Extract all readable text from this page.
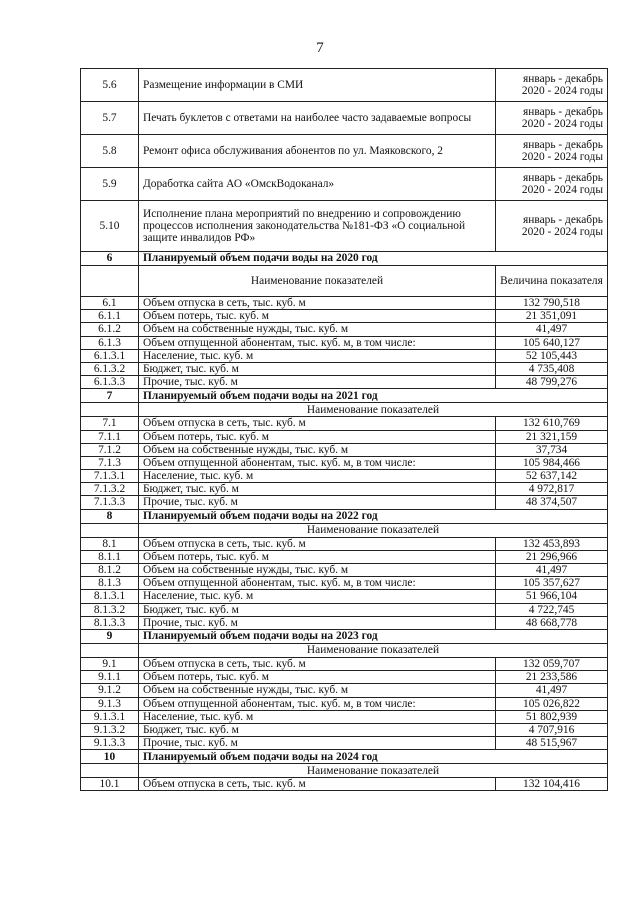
7
5.6	Размещение информации в СМИ	январь - декабрь
2020 - 2024 годы
5.7	Печать буклетов с ответами на наиболее часто задаваемые вопросы	январь - декабрь
2020 - 2024 годы
5.8	Ремонт офиса обслуживания абонентов по ул. Маяковского, 2	январь - декабрь
2020 - 2024 годы
5.9	Доработка сайта АО «ОмскВодоканал»	январь - декабрь
2020 - 2024 годы
5.10	Исполнение плана мероприятий по внедрению и сопровождению процессов исполнения законодательства №181-ФЗ «О социальной защите инвалидов РФ»	январь - декабрь
2020 - 2024 годы
6	Планируемый объем подачи воды на 2020 год	
	Наименование показателей	Величина показателя
6.1	Объем отпуска в сеть, тыс. куб. м	132 790,518
6.1.1	Объем потерь, тыс. куб. м	21 351,091
6.1.2	Объем на собственные нужды, тыс. куб. м	41,497
6.1.3	Объем отпущенной абонентам, тыс. куб. м, в том числе:	105 640,127
6.1.3.1	Население, тыс. куб. м	52 105,443
6.1.3.2	Бюджет, тыс. куб. м	4 735,408
6.1.3.3	Прочие, тыс. куб. м	48 799,276
7	Планируемый объем подачи воды на 2021 год	
	Наименование показателей	
7.1	Объем отпуска в сеть, тыс. куб. м	132 610,769
7.1.1	Объем потерь, тыс. куб. м	21 321,159
7.1.2	Объем на собственные нужды, тыс. куб. м	37,734
7.1.3	Объем отпущенной абонентам, тыс. куб. м, в том числе:	105 984,466
7.1.3.1	Население, тыс. куб. м	52 637,142
7.1.3.2	Бюджет, тыс. куб. м	4 972,817
7.1.3.3	Прочие, тыс. куб. м	48 374,507
8	Планируемый объем подачи воды на 2022 год	
	Наименование показателей	
8.1	Объем отпуска в сеть, тыс. куб. м	132 453,893
8.1.1	Объем потерь, тыс. куб. м	21 296,966
8.1.2	Объем на собственные нужды, тыс. куб. м	41,497
8.1.3	Объем отпущенной абонентам, тыс. куб. м, в том числе:	105 357,627
8.1.3.1	Население, тыс. куб. м	51 966,104
8.1.3.2	Бюджет, тыс. куб. м	4 722,745
8.1.3.3	Прочие, тыс. куб. м	48 668,778
9	Планируемый объем подачи воды на 2023 год	
	Наименование показателей	
9.1	Объем отпуска в сеть, тыс. куб. м	132 059,707
9.1.1	Объем потерь, тыс. куб. м	21 233,586
9.1.2	Объем на собственные нужды, тыс. куб. м	41,497
9.1.3	Объем отпущенной абонентам, тыс. куб. м, в том числе:	105 026,822
9.1.3.1	Население, тыс. куб. м	51 802,939
9.1.3.2	Бюджет, тыс. куб. м	4 707,916
9.1.3.3	Прочие, тыс. куб. м	48 515,967
10	Планируемый объем подачи воды на 2024 год	
	Наименование показателей	
10.1	Объем отпуска в сеть, тыс. куб. м	132 104,416
